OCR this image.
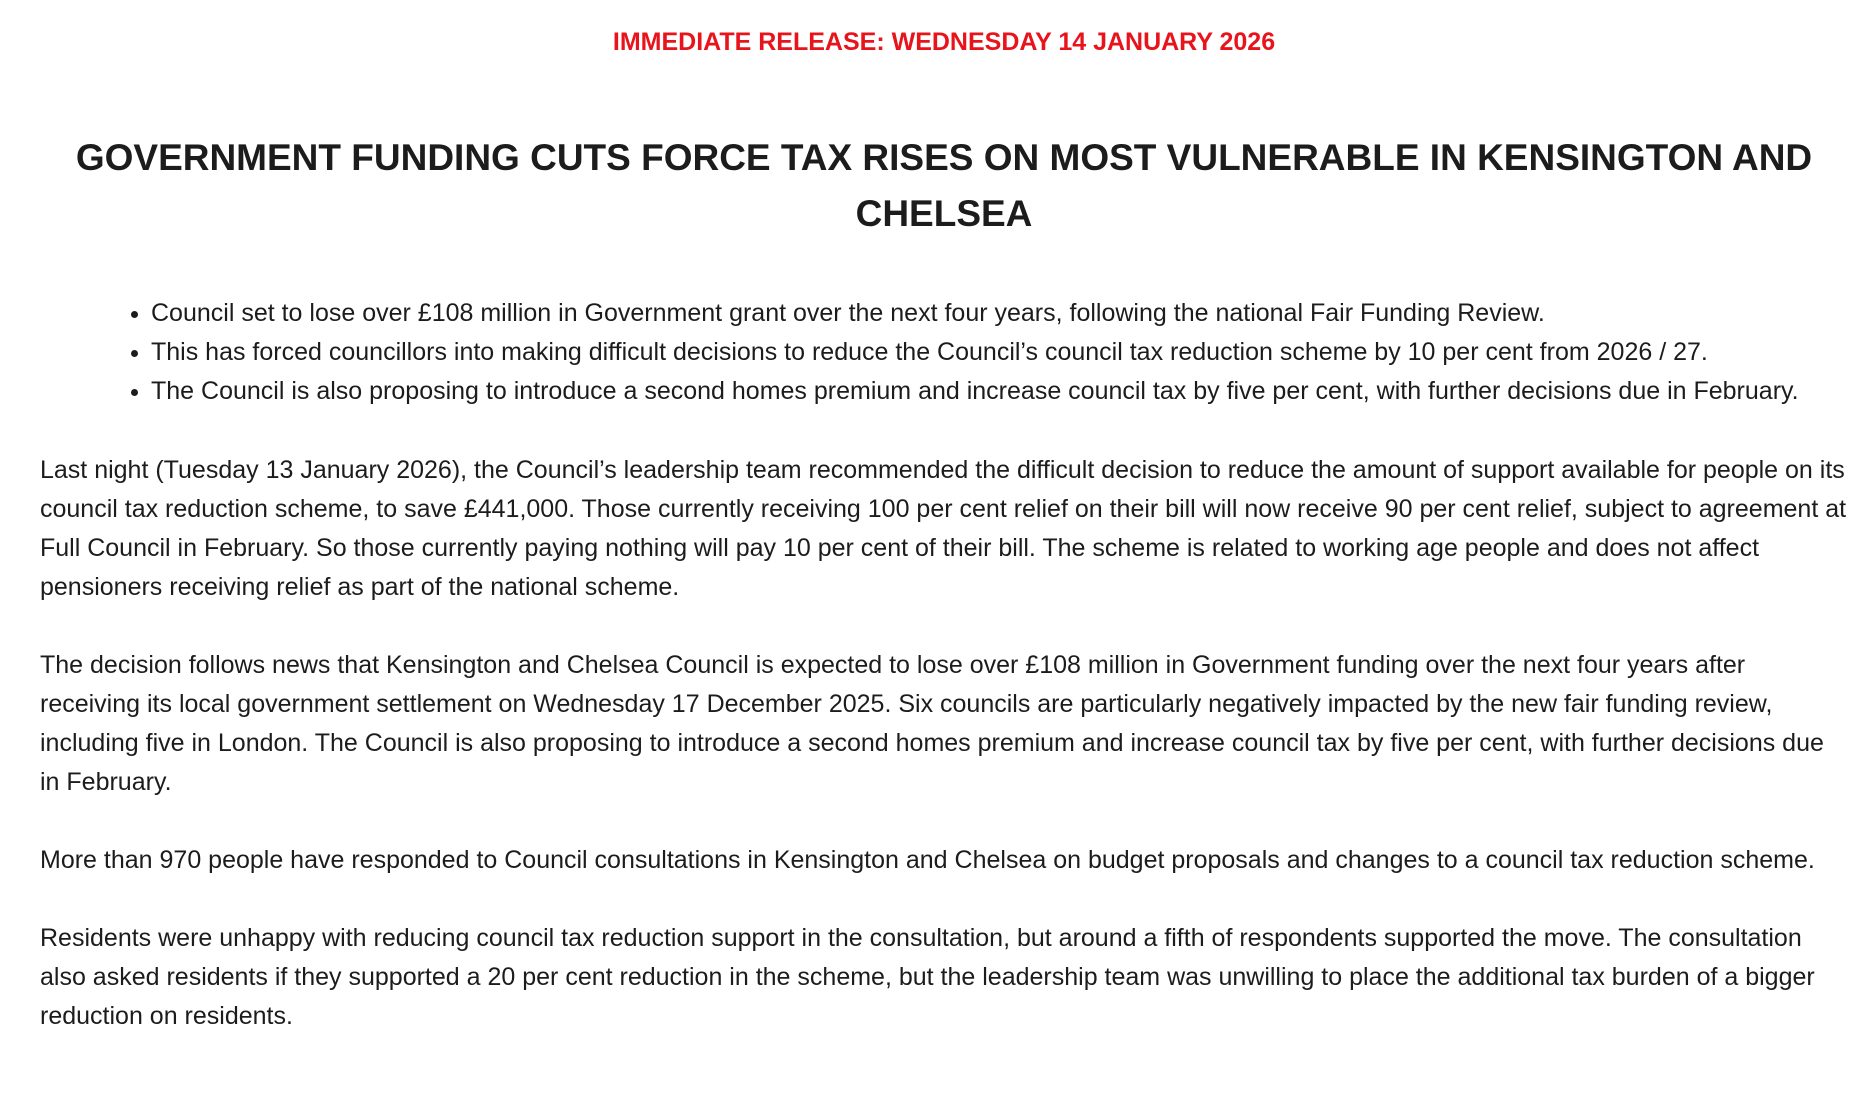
IMMEDIATE RELEASE: WEDNESDAY 14 JANUARY 2026

GOVERNMENT FUNDING CUTS FORCE TAX RISES ON MOST VULNERABLE IN KENSINGTON AND CHELSEA
Council set to lose over £108 million in Government grant over the next four years, following the national Fair Funding Review.
This has forced councillors into making difficult decisions to reduce the Council’s council tax reduction scheme by 10 per cent from 2026 / 27.
The Council is also proposing to introduce a second homes premium and increase council tax by five per cent, with further decisions due in February.

Last night (Tuesday 13 January 2026), the Council’s leadership team recommended the difficult decision to reduce the amount of support available for people on its council tax reduction scheme, to save £441,000. Those currently receiving 100 per cent relief on their bill will now receive 90 per cent relief, subject to agreement at Full Council in February. So those currently paying nothing will pay 10 per cent of their bill. The scheme is related to working age people and does not affect pensioners receiving relief as part of the national scheme.

The decision follows news that Kensington and Chelsea Council is expected to lose over £108 million in Government funding over the next four years after receiving its local government settlement on Wednesday 17 December 2025. Six councils are particularly negatively impacted by the new fair funding review, including five in London. The Council is also proposing to introduce a second homes premium and increase council tax by five per cent, with further decisions due in February.

More than 970 people have responded to Council consultations in Kensington and Chelsea on budget proposals and changes to a council tax reduction scheme.

Residents were unhappy with reducing council tax reduction support in the consultation, but around a fifth of respondents supported the move. The consultation also asked residents if they supported a 20 per cent reduction in the scheme, but the leadership team was unwilling to place the additional tax burden of a bigger reduction on residents.
